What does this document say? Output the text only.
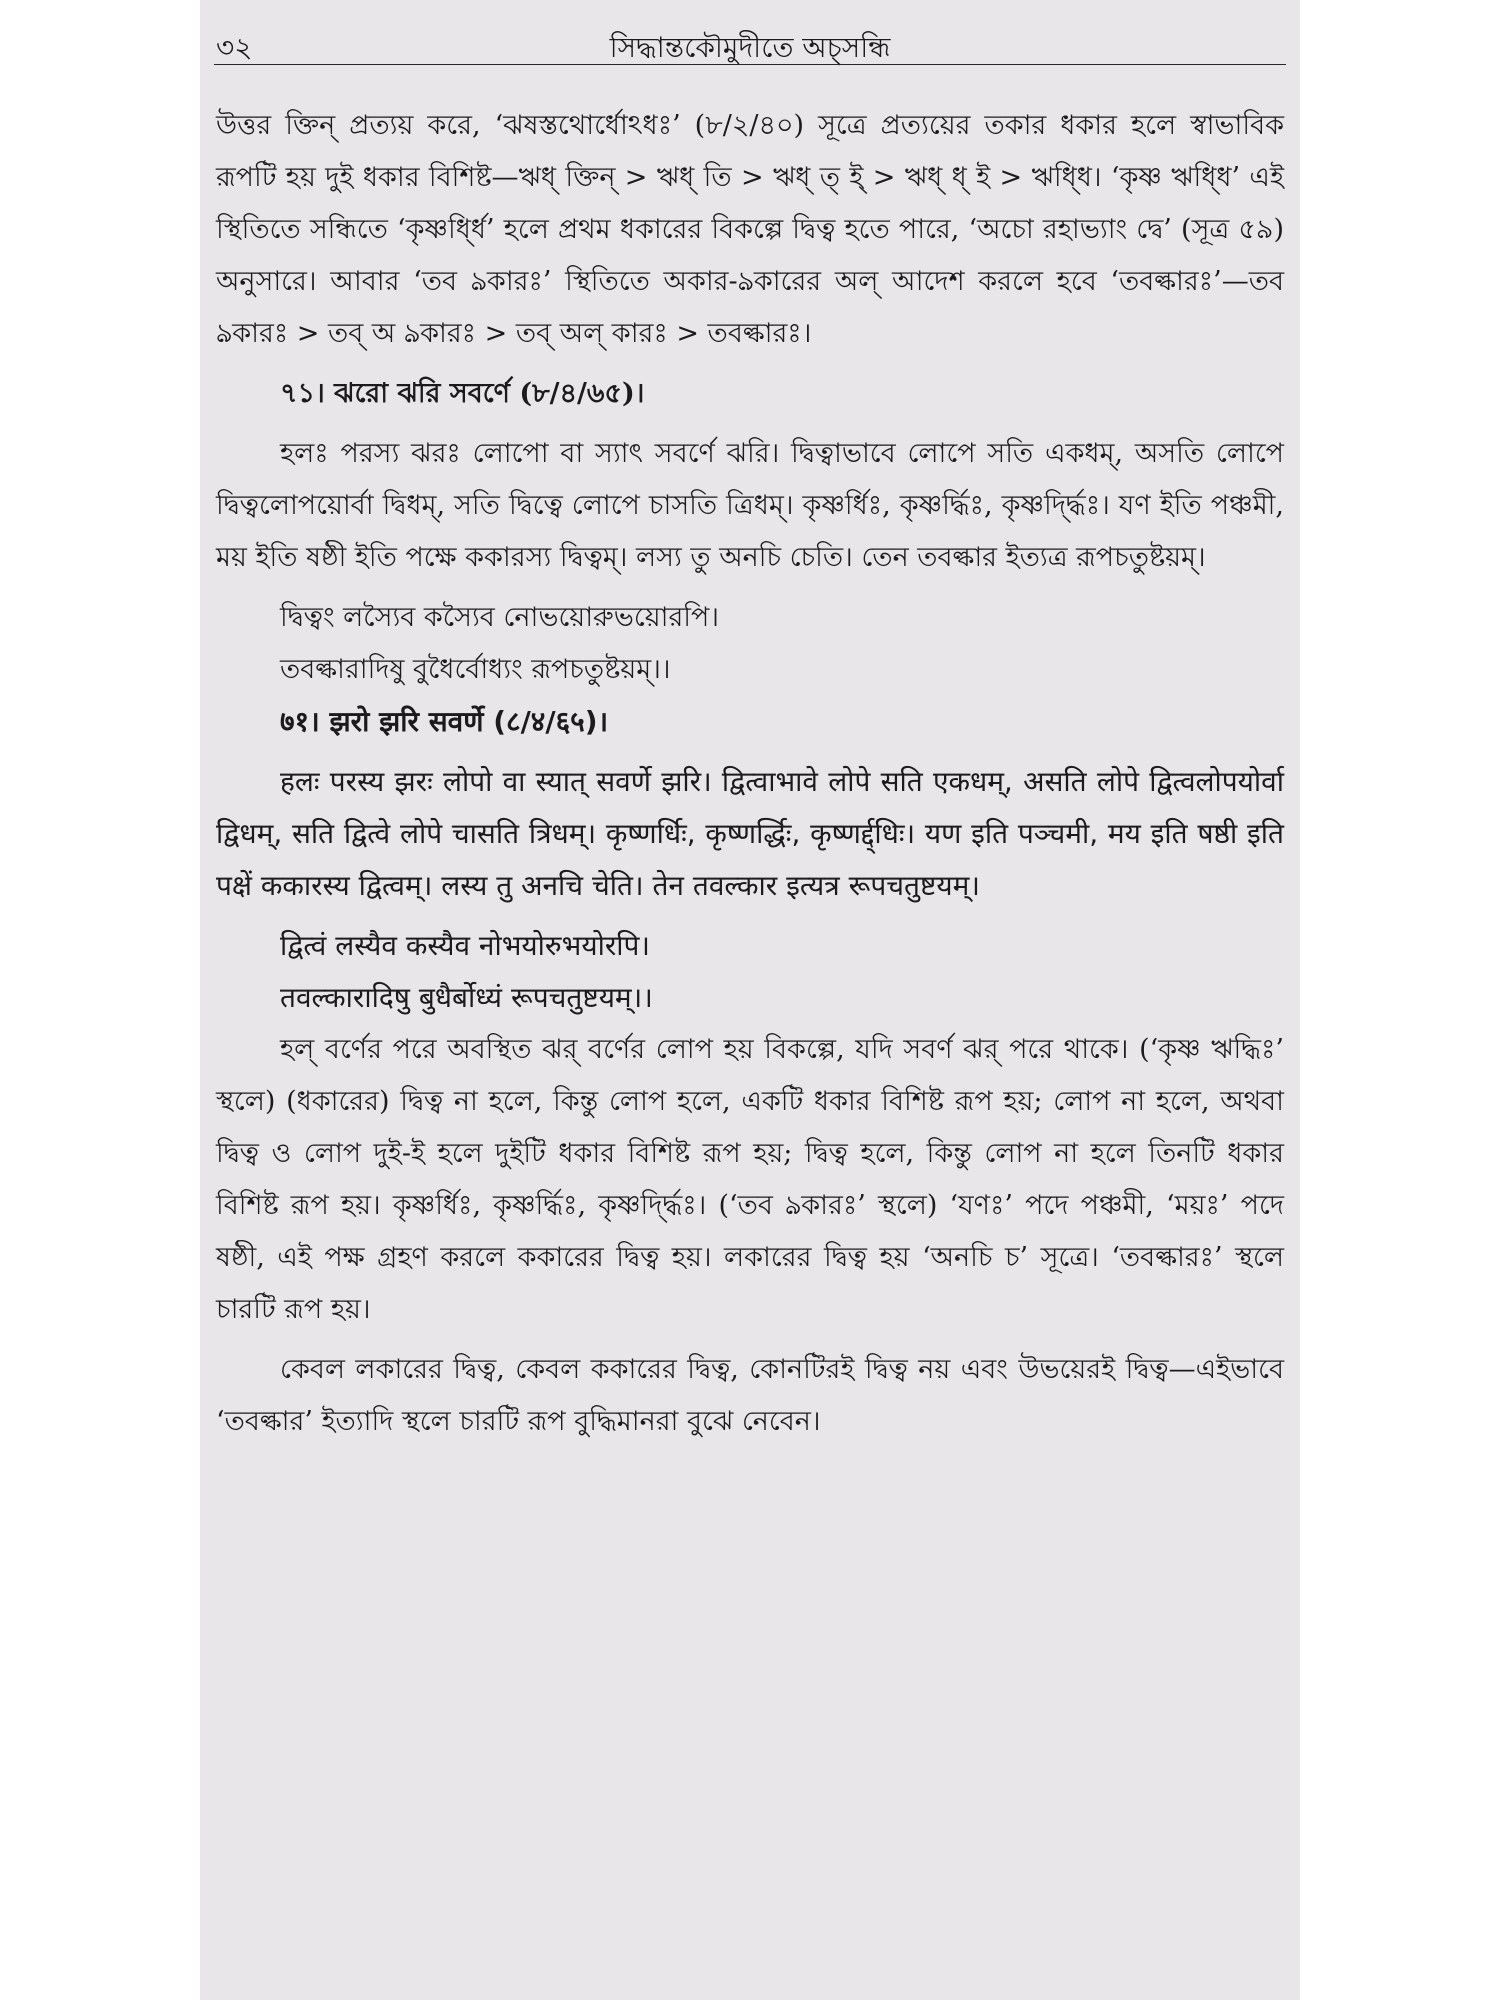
৩২	সিদ্ধান্তকৌমুদীতে অচ্‌সন্ধি

উত্তর ক্তিন্ প্রত্যয় করে, ‘ঝষস্তথোর্ধোঽধঃ’ (৮/২/৪০) সূত্রে প্রত্যয়ের তকার ধকার হলে স্বাভাবিক রূপটি হয় দুই ধকার বিশিষ্ট—ঋধ্ ক্তিন্ > ঋধ্ তি > ঋধ্ ত্ ই্ > ঋধ্ ধ্ ই > ঋধ্ধি। ‘কৃষ্ণ ঋধ্ধি’ এই স্থিতিতে সন্ধিতে ‘কৃষ্ণর্ধ্ধি’ হলে প্রথম ধকারের বিকল্পে দ্বিত্ব হতে পারে, ‘অচো রহাভ্যাং দ্বে’ (সূত্র ৫৯) অনুসারে। আবার ‘তব ঌকারঃ’ স্থিতিতে অকার-ঌকারের অল্ আদেশ করলে হবে ‘তবল্কারঃ’—তব ঌকারঃ > তব্ অ ঌকারঃ > তব্ অল্ কারঃ > তবল্কারঃ।

৭১। ঝরো ঝরি সবর্ণে (৮/৪/৬৫)।

হলঃ পরস্য ঝরঃ লোপো বা স্যাৎ সবর্ণে ঝরি। দ্বিত্বাভাবে লোপে সতি একধম্, অসতি লোপে দ্বিত্বলোপয়োর্বা দ্বিধম্, সতি দ্বিত্বে লোপে চাসতি ত্রিধম্। কৃষ্ণর্ধিঃ, কৃষ্ণর্দ্ধিঃ, কৃষ্ণর্দ্দ্ধিঃ। যণ ইতি পঞ্চমী, ময় ইতি ষষ্ঠী ইতি পক্ষে ককারস্য দ্বিত্বম্। লস্য তু অনচি চেতি। তেন তবল্কার ইত্যত্র রূপচতুষ্টয়ম্।

দ্বিত্বং লস্যৈব কস্যৈব নোভয়োরুভয়োরপি।

তবল্কারাদিষু বুধৈর্বোধ্যং রূপচতুষ্টয়ম্।।

७१। झरो झरि सवर्णे (८/४/६५)।

हलः परस्य झरः लोपो वा स्यात् सवर्णे झरि। द्वित्वाभावे लोपे सति एकधम्, असति लोपे द्वित्वलोपयोर्वा द्विधम्, सति द्वित्वे लोपे चासति त्रिधम्। कृष्णर्धिः, कृष्णर्द्धिः, कृष्णर्द्द्धिः। यण इति पञ्चमी, मय इति षष्ठी इति पक्षें ककारस्य द्वित्वम्। लस्य तु अनचि चेति। तेन तवल्कार इत्यत्र रूपचतुष्टयम्।

द्वित्वं लस्यैव कस्यैव नोभयोरुभयोरपि।

तवल्कारादिषु बुधैर्बोध्यं रूपचतुष्टयम्।।

হল্ বর্ণের পরে অবস্থিত ঝর্ বর্ণের লোপ হয় বিকল্পে, যদি সবর্ণ ঝর্ পরে থাকে। (‘কৃষ্ণ ঋদ্ধিঃ’ স্থলে) (ধকারের) দ্বিত্ব না হলে, কিন্তু লোপ হলে, একটি ধকার বিশিষ্ট রূপ হয়; লোপ না হলে, অথবা দ্বিত্ব ও লোপ দুই-ই হলে দুইটি ধকার বিশিষ্ট রূপ হয়; দ্বিত্ব হলে, কিন্তু লোপ না হলে তিনটি ধকার বিশিষ্ট রূপ হয়। কৃষ্ণর্ধিঃ, কৃষ্ণর্দ্ধিঃ, কৃষ্ণর্দ্দ্ধিঃ। (‘তব ঌকারঃ’ স্থলে) ‘যণঃ’ পদে পঞ্চমী, ‘ময়ঃ’ পদে ষষ্ঠী, এই পক্ষ গ্রহণ করলে ককারের দ্বিত্ব হয়। লকারের দ্বিত্ব হয় ‘অনচি চ’ সূত্রে। ‘তবল্কারঃ’ স্থলে চারটি রূপ হয়।

কেবল লকারের দ্বিত্ব, কেবল ককারের দ্বিত্ব, কোনটিরই দ্বিত্ব নয় এবং উভয়েরই দ্বিত্ব—এইভাবে ‘তবল্কার’ ইত্যাদি স্থলে চারটি রূপ বুদ্ধিমানরা বুঝে নেবেন।
